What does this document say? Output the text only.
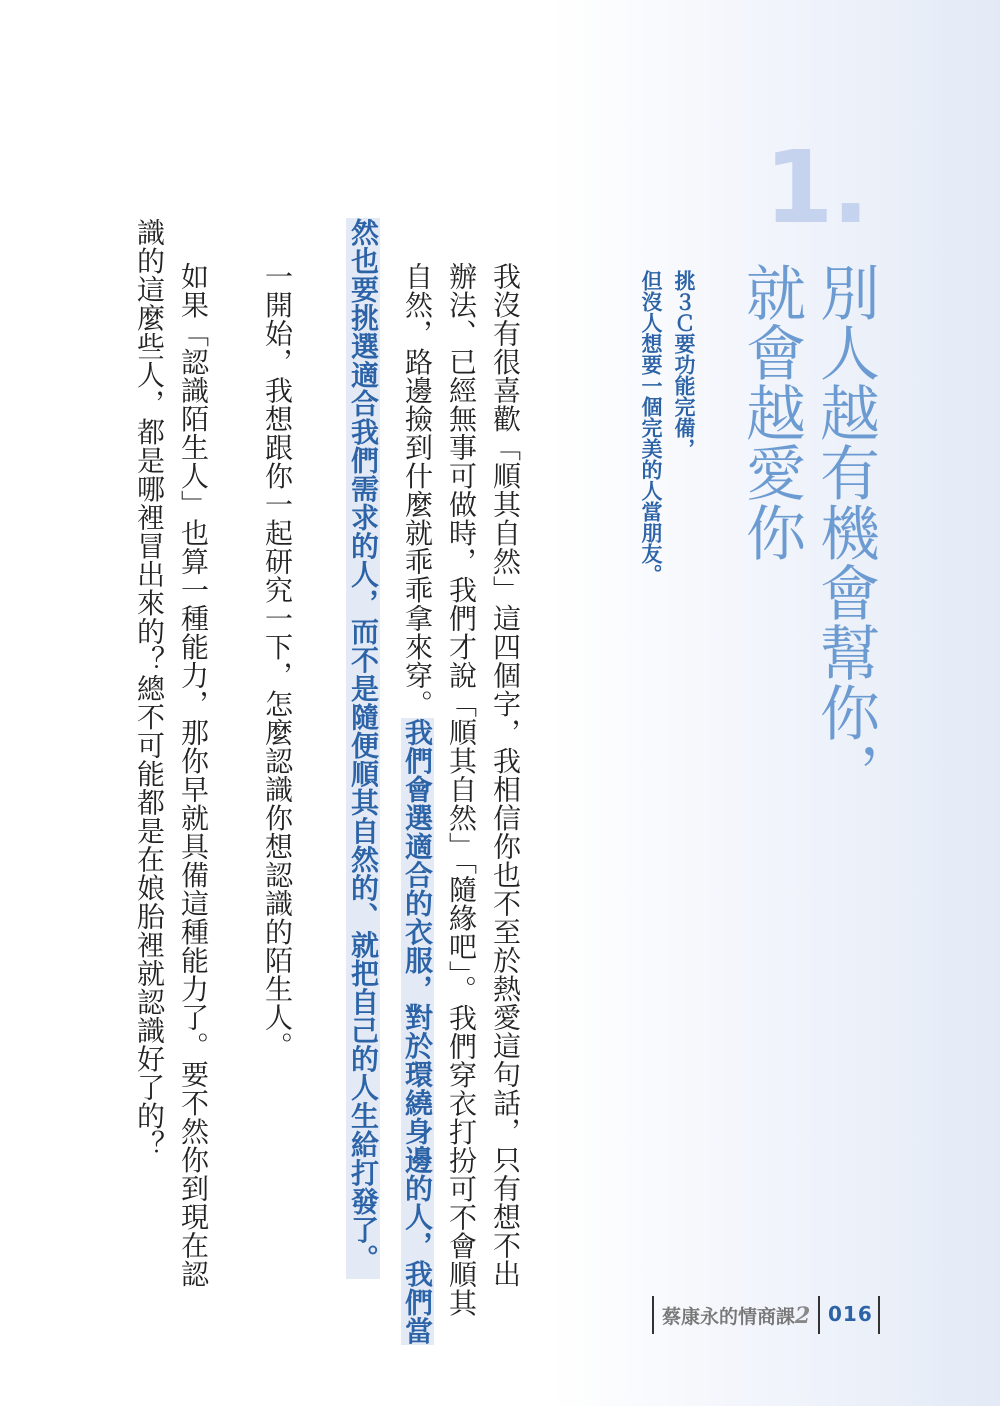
1.
別人越有機會幫你，
就會越愛你
挑３Ｃ要功能完備，
但沒人想要一個完美的人當朋友。

我沒有很喜歡「順其自然」這四個字，我相信你也不至於熱愛這句話，只有想不出

辦法、已經無事可做時，我們才說「順其自然」「隨緣吧」。我們穿衣打扮可不會順其

自然，路邊撿到什麼就乖乖拿來穿。我們會選適合的衣服，對於環繞身邊的人，我們當

然也要挑選適合我們需求的人，而不是隨便順其自然的、就把自己的人生給打發了。

一開始，我想跟你一起研究一下，怎麼認識你想認識的陌生人。

如果「認識陌生人」也算一種能力，那你早就具備這種能力了。要不然你到現在認

識的這麼些人，都是哪裡冒出來的？總不可能都是在娘胎裡就認識好了的？

蔡康永的情商課2 016
